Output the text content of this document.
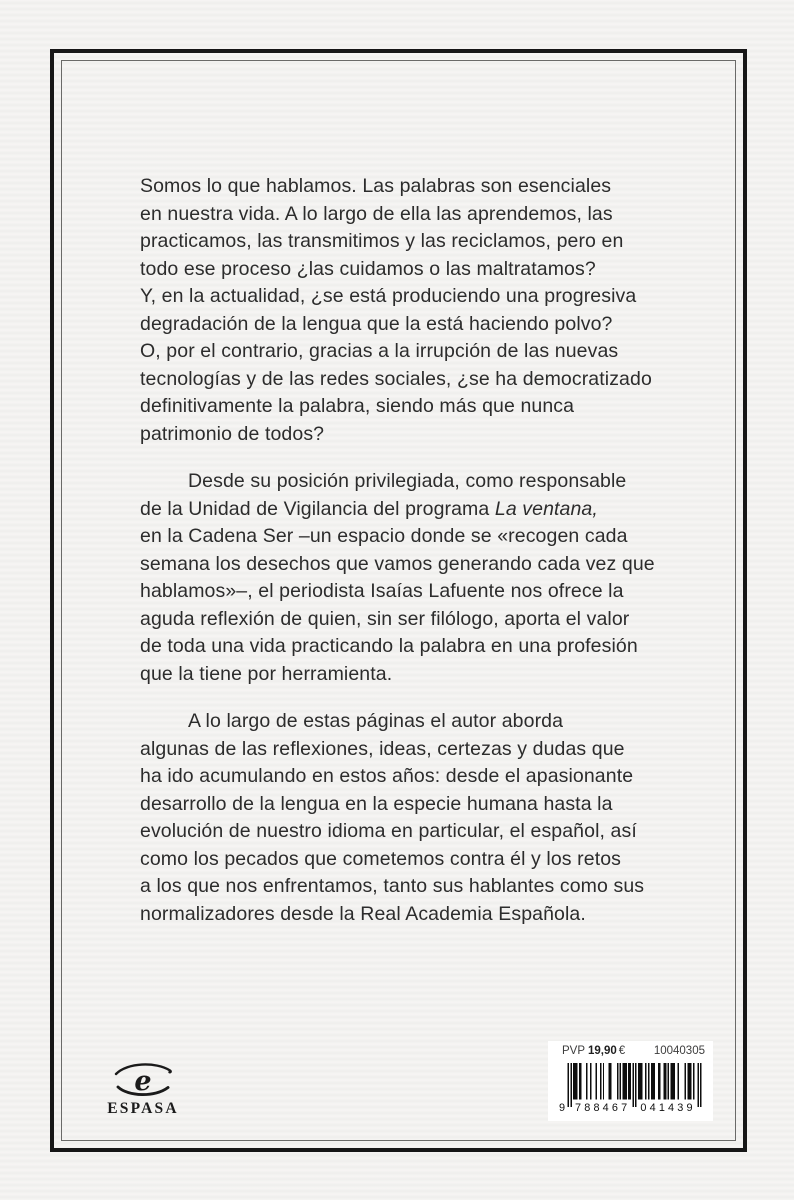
Somos lo que hablamos. Las palabras son esenciales
en nuestra vida. A lo largo de ella las aprendemos, las
practicamos, las transmitimos y las reciclamos, pero en
todo ese proceso ¿las cuidamos o las maltratamos?
Y, en la actualidad, ¿se está produciendo una progresiva
degradación de la lengua que la está haciendo polvo?
O, por el contrario, gracias a la irrupción de las nuevas
tecnologías y de las redes sociales, ¿se ha democratizado
definitivamente la palabra, siendo más que nunca
patrimonio de todos?
Desde su posición privilegiada, como responsable
de la Unidad de Vigilancia del programa La ventana,
en la Cadena Ser –un espacio donde se «recogen cada
semana los desechos que vamos generando cada vez que
hablamos»–, el periodista Isaías Lafuente nos ofrece la
aguda reflexión de quien, sin ser filólogo, aporta el valor
de toda una vida practicando la palabra en una profesión
que la tiene por herramienta.
A lo largo de estas páginas el autor aborda
algunas de las reflexiones, ideas, certezas y dudas que
ha ido acumulando en estos años: desde el apasionante
desarrollo de la lengua en la especie humana hasta la
evolución de nuestro idioma en particular, el español, así
como los pecados que cometemos contra él y los retos
a los que nos enfrentamos, tanto sus hablantes como sus
normalizadores desde la Real Academia Española.
e
ESPASA
PVP 19,90 € 10040305
9 788467 041439
